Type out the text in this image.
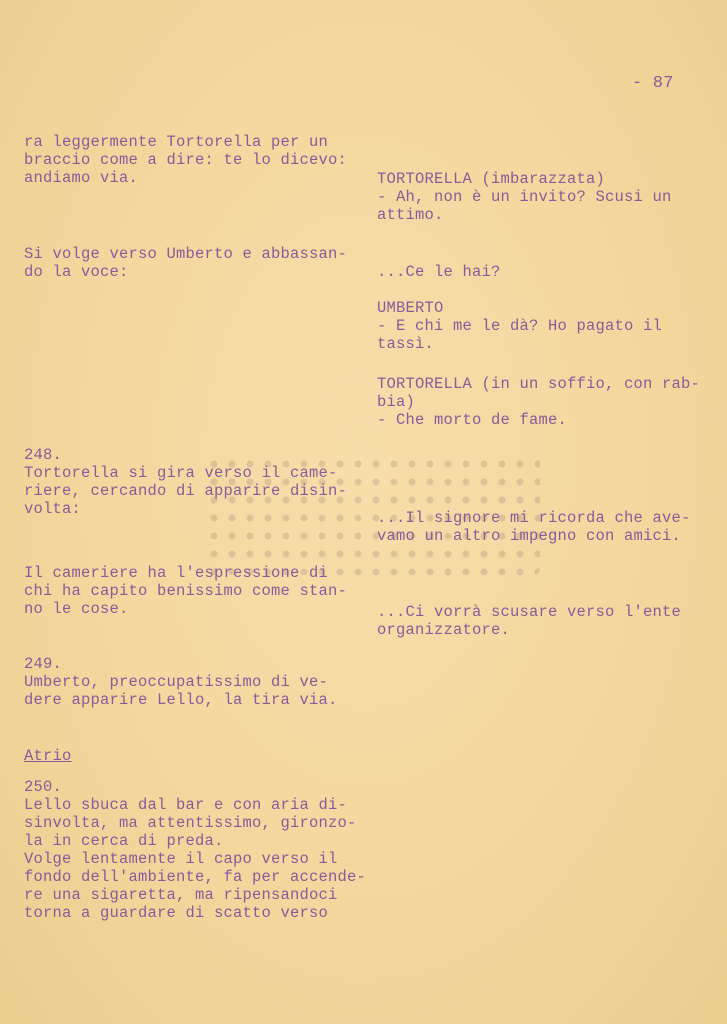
- 87

ra leggermente Tortorella per un
braccio come a dire: te lo dicevo:
andiamo via.

Si volge verso Umberto e abbassan-
do la voce:

248.
Tortorella si gira verso il came-
riere, cercando di apparire disin-
volta:

Il cameriere ha l'espressione di
chi ha capito benissimo come stan-
no le cose.

249.
Umberto, preoccupatissimo di ve-
dere apparire Lello, la tira via.

Atrio

250.
Lello sbuca dal bar e con aria di-
sinvolta, ma attentissimo, gironzo-
la in cerca di preda.
Volge lentamente il capo verso il
fondo dell'ambiente, fa per accende-
re una sigaretta, ma ripensandoci
torna a guardare di scatto verso

TORTORELLA (imbarazzata)
- Ah, non è un invito? Scusi un
attimo.

...Ce le hai?

UMBERTO
- E chi me le dà? Ho pagato il
tassì.

TORTORELLA (in un soffio, con rab-
bia)
- Che morto de fame.

...Il signore mi ricorda che ave-
vamo un altro impegno con amici.

...Ci vorrà scusare verso l'ente
organizzatore.
